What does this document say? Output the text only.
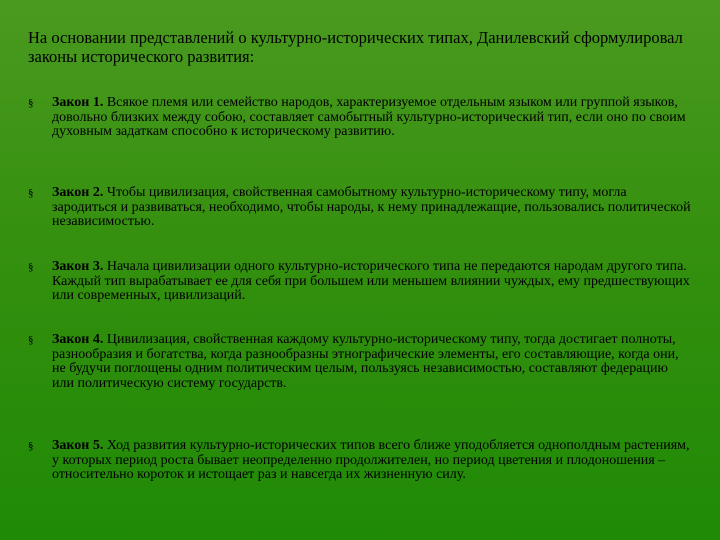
На основании представлений о культурно-исторических типах, Данилевский сформулировал законы исторического развития:
§	Закон 1. Всякое племя или семейство народов, характеризуемое отдельным языком или группой языков, довольно близких между собою, составляет самобытный культурно-исторический тип, если оно по своим духовным задаткам способно к историческому развитию.
§	Закон 2. Чтобы цивилизация, свойственная самобытному культурно-историческому типу, могла зародиться и развиваться, необходимо, чтобы народы, к нему принадлежащие, пользовались политической независимостью.
§	Закон 3. Начала цивилизации одного культурно-исторического типа не передаются народам другого типа. Каждый тип вырабатывает ее для себя при большем или меньшем влиянии чуждых, ему предшествующих или современных, цивилизаций.
§	Закон 4. Цивилизация, свойственная каждому культурно-историческому типу, тогда достигает полноты, разнообразия и богатства, когда разнообразны этнографические элементы, его составляющие, когда они, не будучи поглощены одним политическим целым, пользуясь независимостью, составляют федерацию или политическую систему государств.
§	Закон 5. Ход развития культурно-исторических типов всего ближе уподобляется однополдным растениям, у которых период роста бывает неопределенно продолжителен, но период цветения и плодоношения – относительно короток и истощает раз и навсегда их жизненную силу.
